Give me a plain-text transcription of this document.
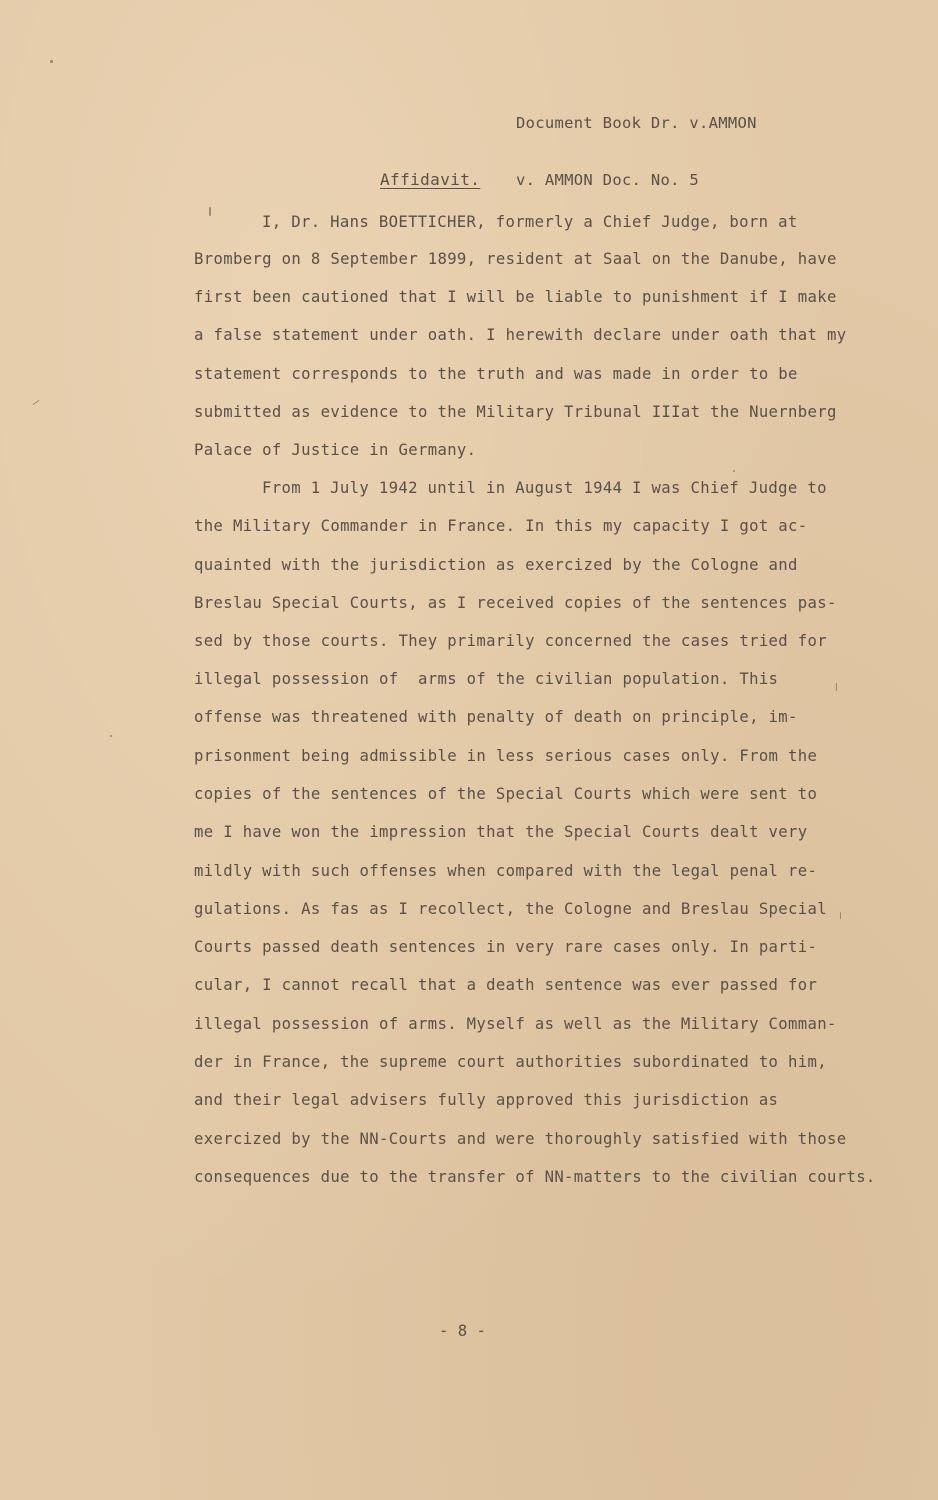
Document Book Dr. v.AMMON

v. AMMON Doc. No. 5

Affidavit.
I, Dr. Hans BOETTICHER, formerly a Chief Judge, born at
Bromberg on 8 September 1899, resident at Saal on the Danube, have
first been cautioned that I will be liable to punishment if I make
a false statement under oath. I herewith declare under oath that my
statement corresponds to the truth and was made in order to be
submitted as evidence to the Military Tribunal IIIat the Nuernberg
Palace of Justice in Germany.
From 1 July 1942 until in August 1944 I was Chief Judge to
the Military Commander in France. In this my capacity I got ac-
quainted with the jurisdiction as exercized by the Cologne and
Breslau Special Courts, as I received copies of the sentences pas-
sed by those courts. They primarily concerned the cases tried for
illegal possession of  arms of the civilian population. This
offense was threatened with penalty of death on principle, im-
prisonment being admissible in less serious cases only. From the
copies of the sentences of the Special Courts which were sent to
me I have won the impression that the Special Courts dealt very
mildly with such offenses when compared with the legal penal re-
gulations. As fas as I recollect, the Cologne and Breslau Special
Courts passed death sentences in very rare cases only. In parti-
cular, I cannot recall that a death sentence was ever passed for
illegal possession of arms. Myself as well as the Military Comman-
der in France, the supreme court authorities subordinated to him,
and their legal advisers fully approved this jurisdiction as
exercized by the NN-Courts and were thoroughly satisfied with those
consequences due to the transfer of NN-matters to the civilian courts.
- 8 -
